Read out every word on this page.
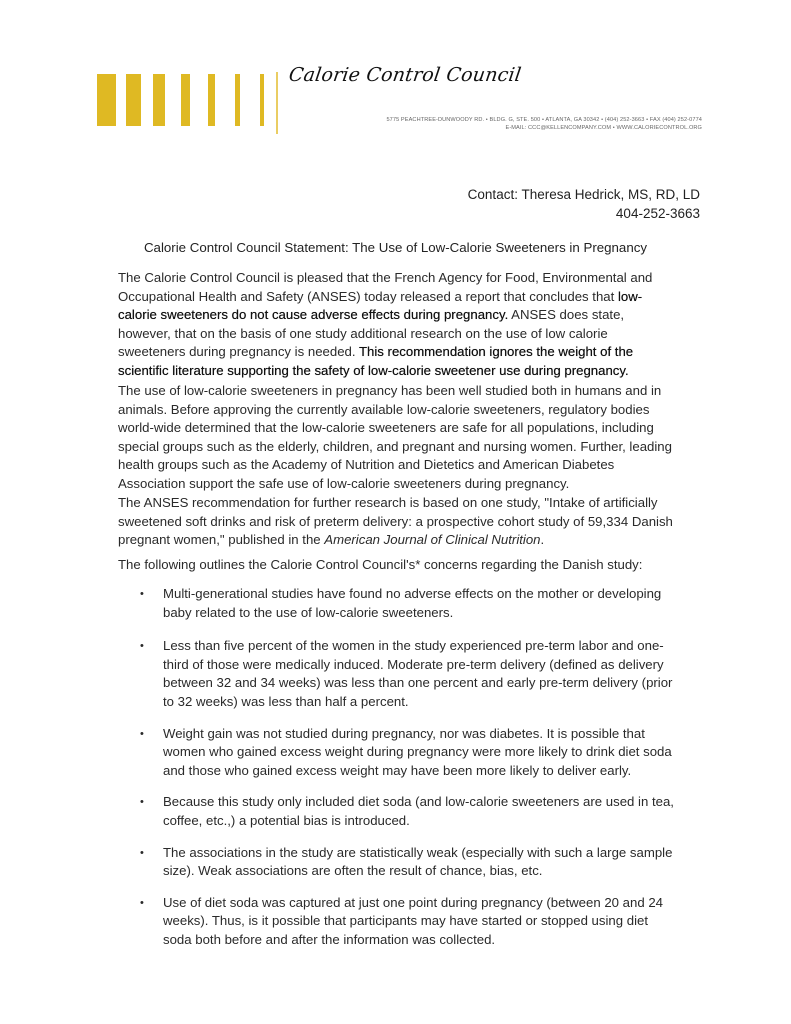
Calorie Control Council
5775 PEACHTREE-DUNWOODY RD. • BLDG. G, STE. 500 • ATLANTA, GA 30342 • (404) 252-3663 • FAX (404) 252-0774
E-MAIL: CCC@KELLENCOMPANY.COM • WWW.CALORIECONTROL.ORG
Contact: Theresa Hedrick, MS, RD, LD
404-252-3663
Calorie Control Council Statement: The Use of Low-Calorie Sweeteners in Pregnancy

The Calorie Control Council is pleased that the French Agency for Food, Environmental and Occupational Health and Safety (ANSES) today released a report that concludes that low-calorie sweeteners do not cause adverse effects during pregnancy. ANSES does state, however, that on the basis of one study additional research on the use of low calorie sweeteners during pregnancy is needed. This recommendation ignores the weight of the scientific literature supporting the safety of low-calorie sweetener use during pregnancy.

The use of low-calorie sweeteners in pregnancy has been well studied both in humans and in animals. Before approving the currently available low-calorie sweeteners, regulatory bodies world-wide determined that the low-calorie sweeteners are safe for all populations, including special groups such as the elderly, children, and pregnant and nursing women. Further, leading health groups such as the Academy of Nutrition and Dietetics and American Diabetes Association support the safe use of low-calorie sweeteners during pregnancy.

The ANSES recommendation for further research is based on one study, "Intake of artificially sweetened soft drinks and risk of preterm delivery: a prospective cohort study of 59,334 Danish pregnant women," published in the American Journal of Clinical Nutrition.

The following outlines the Calorie Control Council's* concerns regarding the Danish study:

• Multi-generational studies have found no adverse effects on the mother or developing baby related to the use of low-calorie sweeteners.
• Less than five percent of the women in the study experienced pre-term labor and one-third of those were medically induced. Moderate pre-term delivery (defined as delivery between 32 and 34 weeks) was less than one percent and early pre-term delivery (prior to 32 weeks) was less than half a percent.
• Weight gain was not studied during pregnancy, nor was diabetes. It is possible that women who gained excess weight during pregnancy were more likely to drink diet soda and those who gained excess weight may have been more likely to deliver early.
• Because this study only included diet soda (and low-calorie sweeteners are used in tea, coffee, etc.,) a potential bias is introduced.
• The associations in the study are statistically weak (especially with such a large sample size). Weak associations are often the result of chance, bias, etc.
• Use of diet soda was captured at just one point during pregnancy (between 20 and 24 weeks). Thus, is it possible that participants may have started or stopped using diet soda both before and after the information was collected.
